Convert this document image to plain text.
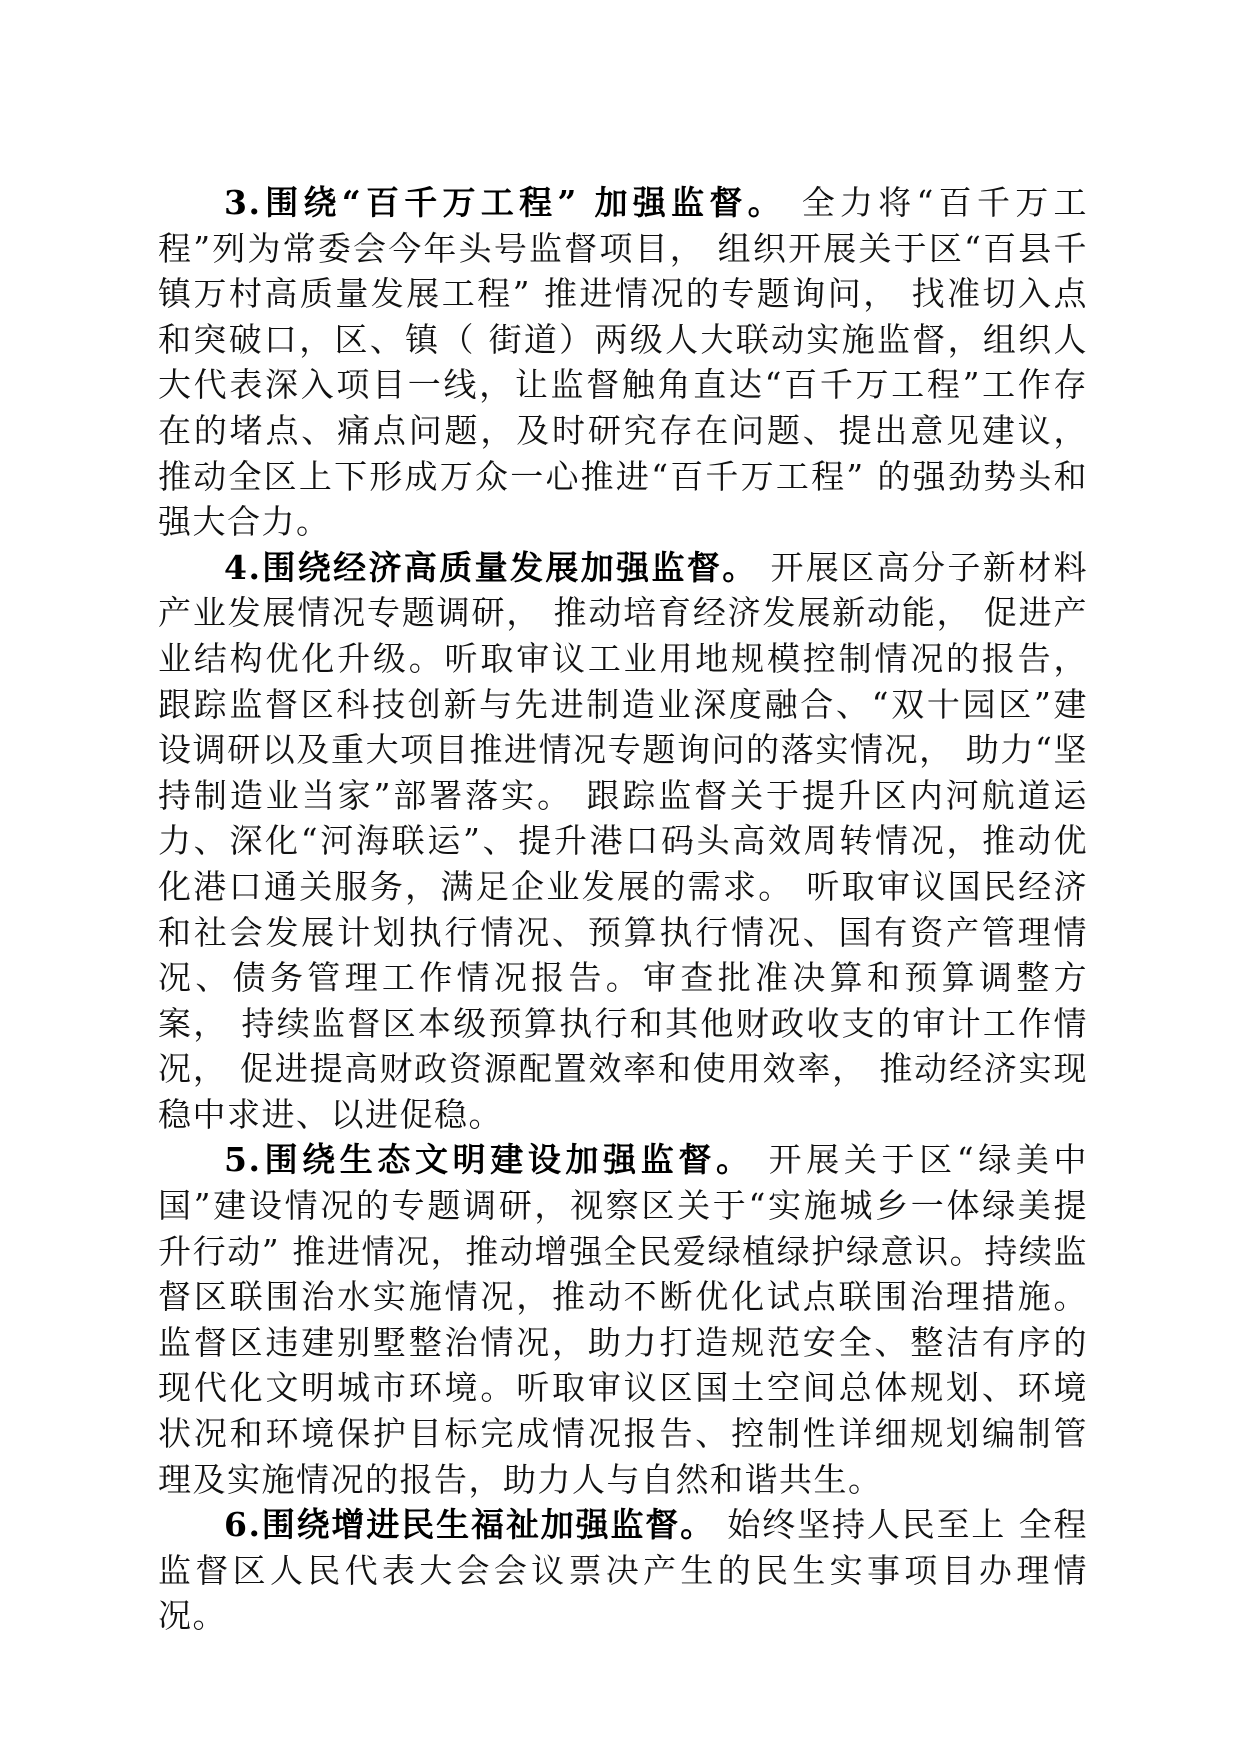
3.围绕“百千万工程” 加强监督。 全力将“百千万工程”列为常委会今年头号监督项目， 组织开展关于区“百县千镇万村高质量发展工程” 推进情况的专题询问， 找准切入点和突破口，区、镇（ 街道）两级人大联动实施监督，组织人大代表深入项目一线，让监督触角直达“百千万工程”工作存在的堵点、痛点问题，及时研究存在问题、提出意见建议，推动全区上下形成万众一心推进“百千万工程” 的强劲势头和强大合力。

4.围绕经济高质量发展加强监督。 开展区高分子新材料产业发展情况专题调研， 推动培育经济发展新动能， 促进产业结构优化升级。听取审议工业用地规模控制情况的报告， 跟踪监督区科技创新与先进制造业深度融合、“双十园区”建设调研以及重大项目推进情况专题询问的落实情况， 助力“坚持制造业当家”部署落实。 跟踪监督关于提升区内河航道运力、深化“河海联运”、提升港口码头高效周转情况，推动优化港口通关服务，满足企业发展的需求。 听取审议国民经济和社会发展计划执行情况、预算执行情况、国有资产管理情况、债务管理工作情况报告。审查批准决算和预算调整方案， 持续监督区本级预算执行和其他财政收支的审计工作情况， 促进提高财政资源配置效率和使用效率， 推动经济实现稳中求进、以进促稳。

5.围绕生态文明建设加强监督。 开展关于区“绿美中国”建设情况的专题调研，视察区关于“实施城乡一体绿美提升行动” 推进情况，推动增强全民爱绿植绿护绿意识。持续监督区联围治水实施情况，推动不断优化试点联围治理措施。监督区违建别墅整治情况，助力打造规范安全、整洁有序的现代化文明城市环境。听取审议区国土空间总体规划、环境状况和环境保护目标完成情况报告、控制性详细规划编制管理及实施情况的报告，助力人与自然和谐共生。

6.围绕增进民生福祉加强监督。 始终坚持人民至上 全程监督区人民代表大会会议票决产生的民生实事项目办理情况。
